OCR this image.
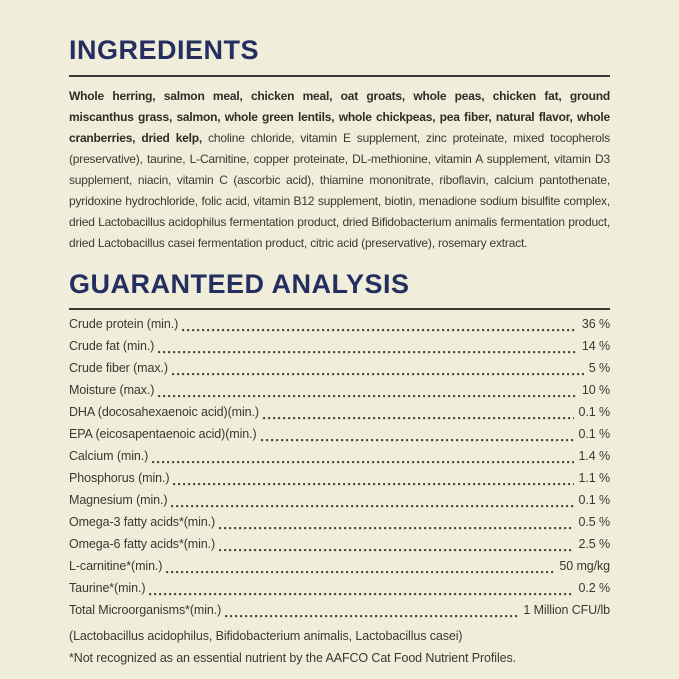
INGREDIENTS

Whole herring, salmon meal, chicken meal, oat groats, whole peas, chicken fat, ground miscanthus grass, salmon, whole green lentils, whole chickpeas, pea fiber, natural flavor, whole cranberries, dried kelp, choline chloride, vitamin E supplement, zinc proteinate, mixed tocopherols (preservative), taurine, L-Carnitine, copper proteinate, DL-methionine, vitamin A supplement, vitamin D3 supplement, niacin, vitamin C (ascorbic acid), thiamine mononitrate, riboflavin, calcium pantothenate, pyridoxine hydrochloride, folic acid, vitamin B12 supplement, biotin, menadione sodium bisulfite complex, dried Lactobacillus acidophilus fermentation product, dried Bifidobacterium animalis fermentation product, dried Lactobacillus casei fermentation product, citric acid (preservative), rosemary extract.

GUARANTEED ANALYSIS
Crude protein (min.)	36 %
Crude fat (min.)	14 %
Crude fiber (max.)	5 %
Moisture (max.)	10 %
DHA (docosahexaenoic acid)(min.)	0.1 %
EPA (eicosapentaenoic acid)(min.)	0.1 %
Calcium (min.)	1.4 %
Phosphorus (min.)	1.1 %
Magnesium (min.)	0.1 %
Omega-3 fatty acids*(min.)	0.5 %
Omega-6 fatty acids*(min.)	2.5 %
L-carnitine*(min.)	50 mg/kg
Taurine*(min.)	0.2 %
Total Microorganisms*(min.)	1 Million CFU/lb
(Lactobacillus acidophilus, Bifidobacterium animalis, Lactobacillus casei)
*Not recognized as an essential nutrient by the AAFCO Cat Food Nutrient Profiles.
